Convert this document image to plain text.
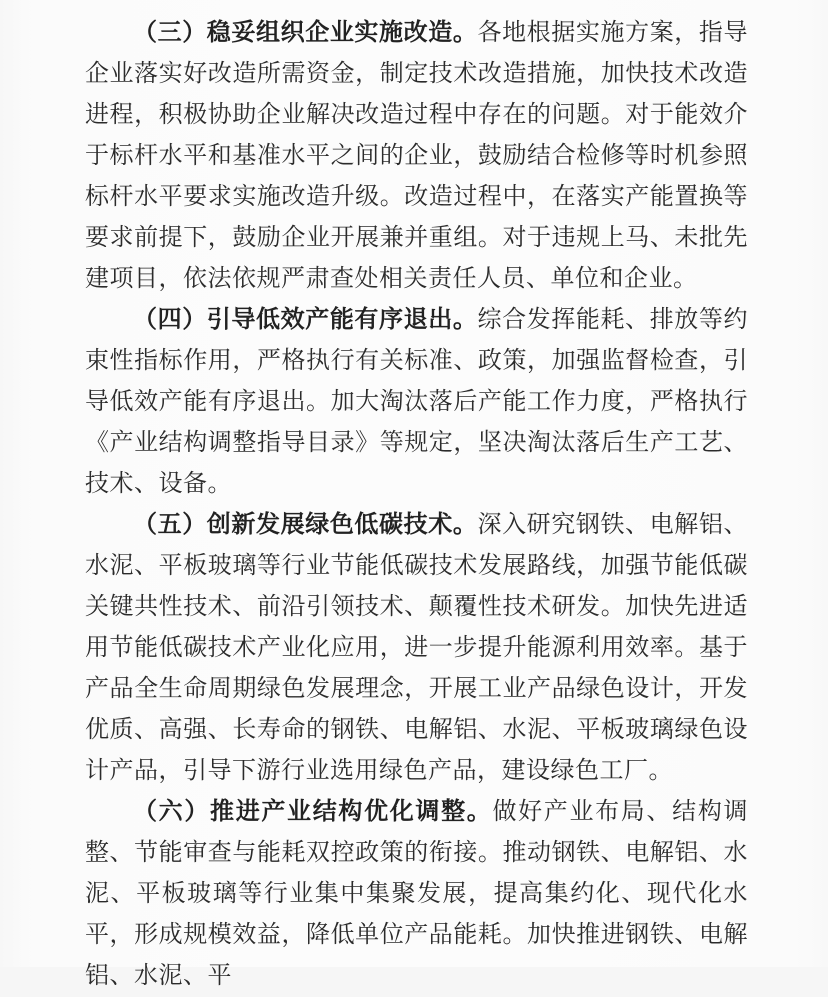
（三）稳妥组织企业实施改造。各地根据实施方案，指导企业落实好改造所需资金，制定技术改造措施，加快技术改造进程，积极协助企业解决改造过程中存在的问题。对于能效介于标杆水平和基准水平之间的企业，鼓励结合检修等时机参照标杆水平要求实施改造升级。改造过程中，在落实产能置换等要求前提下，鼓励企业开展兼并重组。对于违规上马、未批先建项目，依法依规严肃查处相关责任人员、单位和企业。

（四）引导低效产能有序退出。综合发挥能耗、排放等约束性指标作用，严格执行有关标准、政策，加强监督检查，引导低效产能有序退出。加大淘汰落后产能工作力度，严格执行《产业结构调整指导目录》等规定，坚决淘汰落后生产工艺、技术、设备。

（五）创新发展绿色低碳技术。深入研究钢铁、电解铝、水泥、平板玻璃等行业节能低碳技术发展路线，加强节能低碳关键共性技术、前沿引领技术、颠覆性技术研发。加快先进适用节能低碳技术产业化应用，进一步提升能源利用效率。基于产品全生命周期绿色发展理念，开展工业产品绿色设计，开发优质、高强、长寿命的钢铁、电解铝、水泥、平板玻璃绿色设计产品，引导下游行业选用绿色产品，建设绿色工厂。

（六）推进产业结构优化调整。做好产业布局、结构调整、节能审查与能耗双控政策的衔接。推动钢铁、电解铝、水泥、平板玻璃等行业集中集聚发展，提高集约化、现代化水平，形成规模效益，降低单位产品能耗。加快推进钢铁、电解铝、水泥、平
